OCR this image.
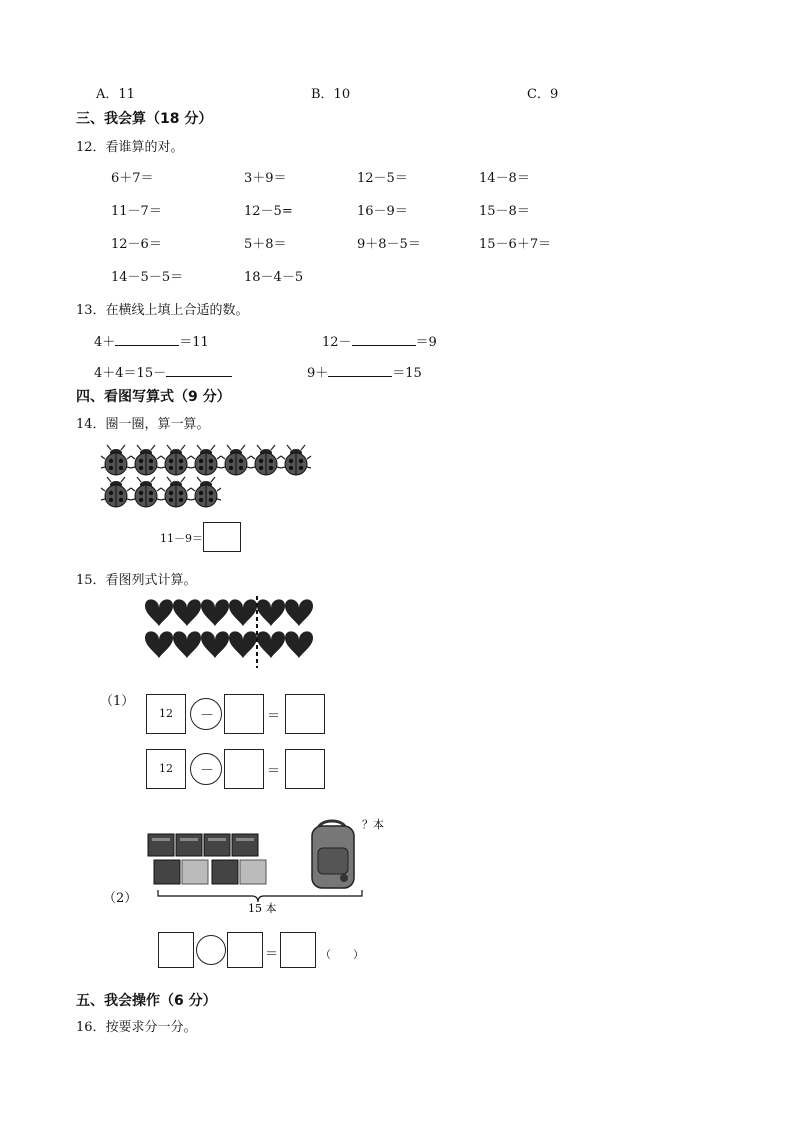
A．11	B．10	C．9
三、我会算（18 分）
12．看谁算的对。
6＋7＝	3＋9＝	12－5＝	14－8＝
11－7＝	12－5=	16－9＝	15－8＝
12－6＝	5＋8＝	9＋8－5＝	15－6＋7＝
14－5－5＝	18－4－5
13．在横线上填上合适的数。
4＋	＝11	12－	＝9
4＋4＝15－	9＋	＝15
四、看图写算式（9 分）
14．圈一圈，算一算。
11－9＝
15．看图列式计算。
（1）
12 －	＝
12 －	＝
？本
15 本
（2）
＝	（　　）
五、我会操作（6 分）
16．按要求分一分。
